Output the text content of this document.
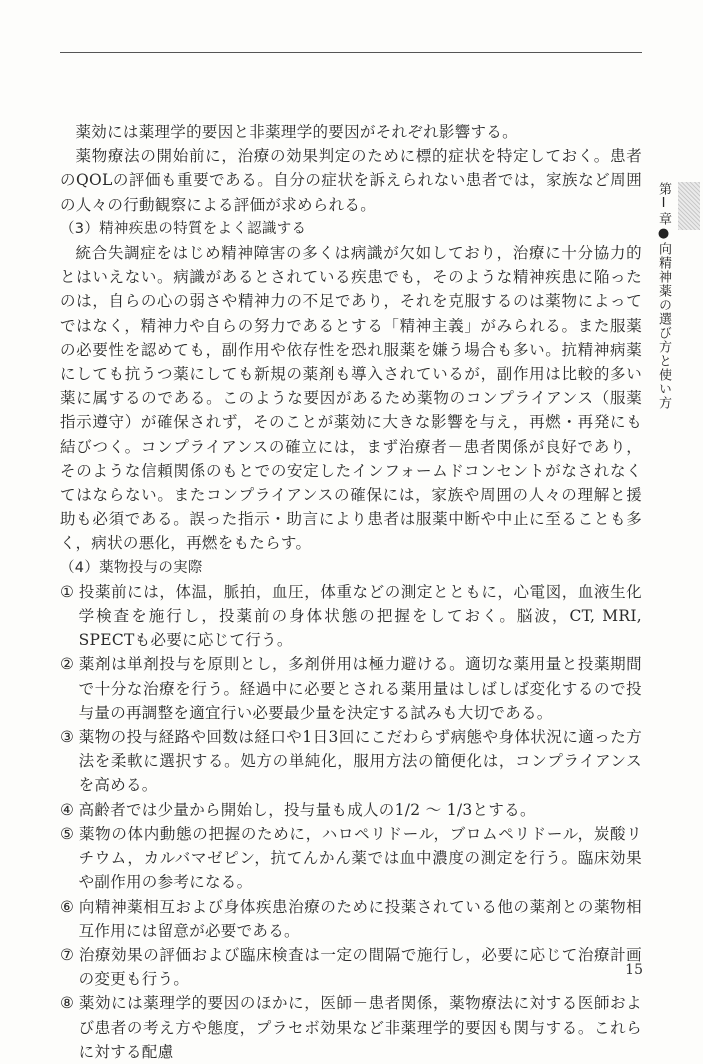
第Ⅰ章●向精神薬の選び方と使い方

薬効には薬理学的要因と非薬理学的要因がそれぞれ影響する。

薬物療法の開始前に，治療の効果判定のために標的症状を特定しておく。患者のQOLの評価も重要である。自分の症状を訴えられない患者では，家族など周囲の人々の行動観察による評価が求められる。

（3）精神疾患の特質をよく認識する

統合失調症をはじめ精神障害の多くは病識が欠如しており，治療に十分協力的とはいえない。病識があるとされている疾患でも，そのような精神疾患に陥ったのは，自らの心の弱さや精神力の不足であり，それを克服するのは薬物によってではなく，精神力や自らの努力であるとする「精神主義」がみられる。また服薬の必要性を認めても，副作用や依存性を恐れ服薬を嫌う場合も多い。抗精神病薬にしても抗うつ薬にしても新規の薬剤も導入されているが，副作用は比較的多い薬に属するのである。このような要因があるため薬物のコンプライアンス（服薬指示遵守）が確保されず，そのことが薬効に大きな影響を与え，再燃・再発にも結びつく。コンプライアンスの確立には，まず治療者－患者関係が良好であり，そのような信頼関係のもとでの安定したインフォームドコンセントがなされなくてはならない。またコンプライアンスの確保には，家族や周囲の人々の理解と援助も必須である。誤った指示・助言により患者は服薬中断や中止に至ることも多く，病状の悪化，再燃をもたらす。

（4）薬物投与の実際
① 投薬前には，体温，脈拍，血圧，体重などの測定とともに，心電図，血液生化学検査を施行し，投薬前の身体状態の把握をしておく。脳波，CT, MRI, SPECTも必要に応じて行う。
② 薬剤は単剤投与を原則とし，多剤併用は極力避ける。適切な薬用量と投薬期間で十分な治療を行う。経過中に必要とされる薬用量はしばしば変化するので投与量の再調整を適宜行い必要最少量を決定する試みも大切である。
③ 薬物の投与経路や回数は経口や1日3回にこだわらず病態や身体状況に適った方法を柔軟に選択する。処方の単純化，服用方法の簡便化は，コンプライアンスを高める。
④ 高齢者では少量から開始し，投与量も成人の1/2 ～ 1/3とする。
⑤ 薬物の体内動態の把握のために，ハロペリドール，ブロムペリドール，炭酸リチウム，カルバマゼピン，抗てんかん薬では血中濃度の測定を行う。臨床効果や副作用の参考になる。
⑥ 向精神薬相互および身体疾患治療のために投薬されている他の薬剤との薬物相互作用には留意が必要である。
⑦ 治療効果の評価および臨床検査は一定の間隔で施行し，必要に応じて治療計画の変更も行う。
⑧ 薬効には薬理学的要因のほかに，医師－患者関係，薬物療法に対する医師および患者の考え方や態度，プラセボ効果など非薬理学的要因も関与する。これらに対する配慮
15
